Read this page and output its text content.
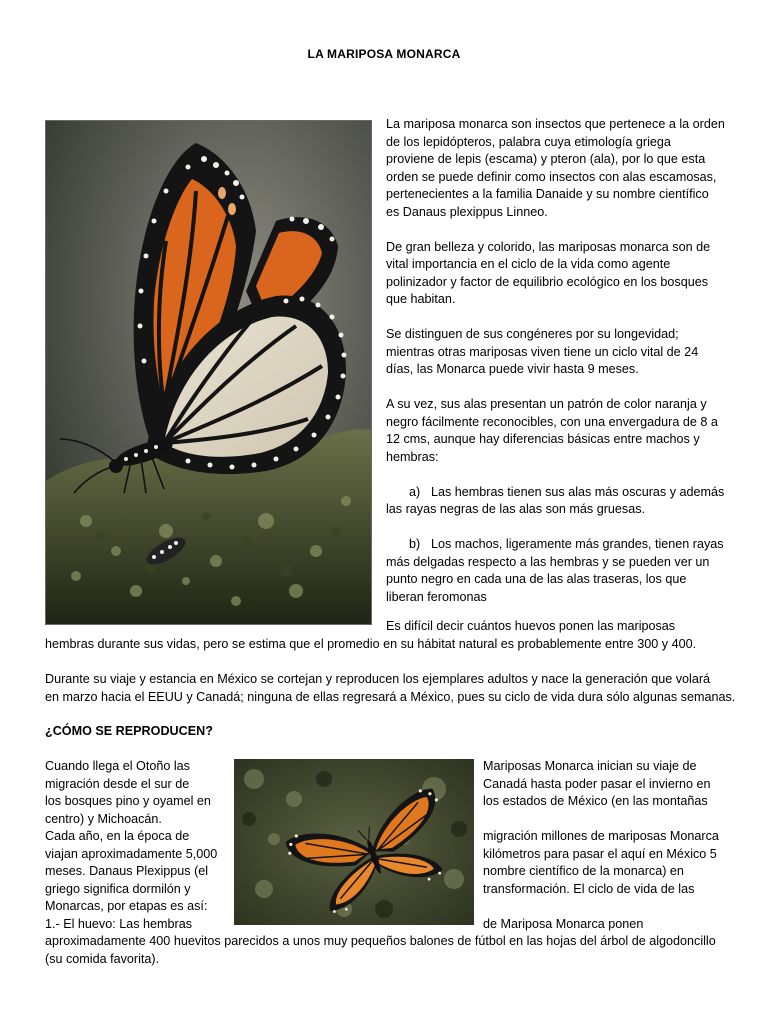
LA MARIPOSA MONARCA

La mariposa monarca son insectos que pertenece a la orden
de los lepidópteros, palabra cuya etimología griega
proviene de lepis (escama) y pteron (ala), por lo que esta
orden se puede definir como insectos con alas escamosas,
pertenecientes a la familia Danaide y su nombre científico
es Danaus plexippus Linneo.

De gran belleza y colorido, las mariposas monarca son de
vital importancia en el ciclo de la vida como agente
polinizador y factor de equilibrio ecológico en los bosques
que habitan.

Se distinguen de sus congéneres por su longevidad;
mientras otras mariposas viven tiene un ciclo vital de 24
días, las Monarca puede vivir hasta 9 meses.

A su vez, sus alas presentan un patrón de color naranja y
negro fácilmente reconocibles, con una envergadura de 8 a
12 cms, aunque hay diferencias básicas entre machos y
hembras:

a) Las hembras tienen sus alas más oscuras y además
las rayas negras de las alas son más gruesas.

b) Los machos, ligeramente más grandes, tienen rayas
más delgadas respecto a las hembras y se pueden ver un
punto negro en cada una de las alas traseras, los que
liberan feromonas

Es difícil decir cuántos huevos ponen las mariposas
hembras durante sus vidas, pero se estima que el promedio en su hábitat natural es probablemente entre 300 y 400.
Durante su viaje y estancia en México se cortejan y reproducen los ejemplares adultos y nace la generación que volará
en marzo hacia el EEUU y Canadá; ninguna de ellas regresará a México, pues su ciclo de vida dura sólo algunas semanas.
¿CÓMO SE REPRODUCEN?
Cuando llega el Otoño las
migración desde el sur de
los bosques pino y oyamel en
centro) y Michoacán.
Cada año, en la época de
viajan aproximadamente 5,000
meses. Danaus Plexippus (el
griego significa dormilón y
Monarcas, por etapas es así:
1.- El huevo: Las hembras
Mariposas Monarca inician su viaje de
Canadá hasta poder pasar el invierno en
los estados de México (en las montañas

migración millones de mariposas Monarca
kilómetros para pasar el aquí en México 5
nombre científico de la monarca) en
transformación. El ciclo de vida de las

de Mariposa Monarca ponen
aproximadamente 400 huevitos parecidos a unos muy pequeños balones de fútbol en las hojas del árbol de algodoncillo
(su comida favorita).
